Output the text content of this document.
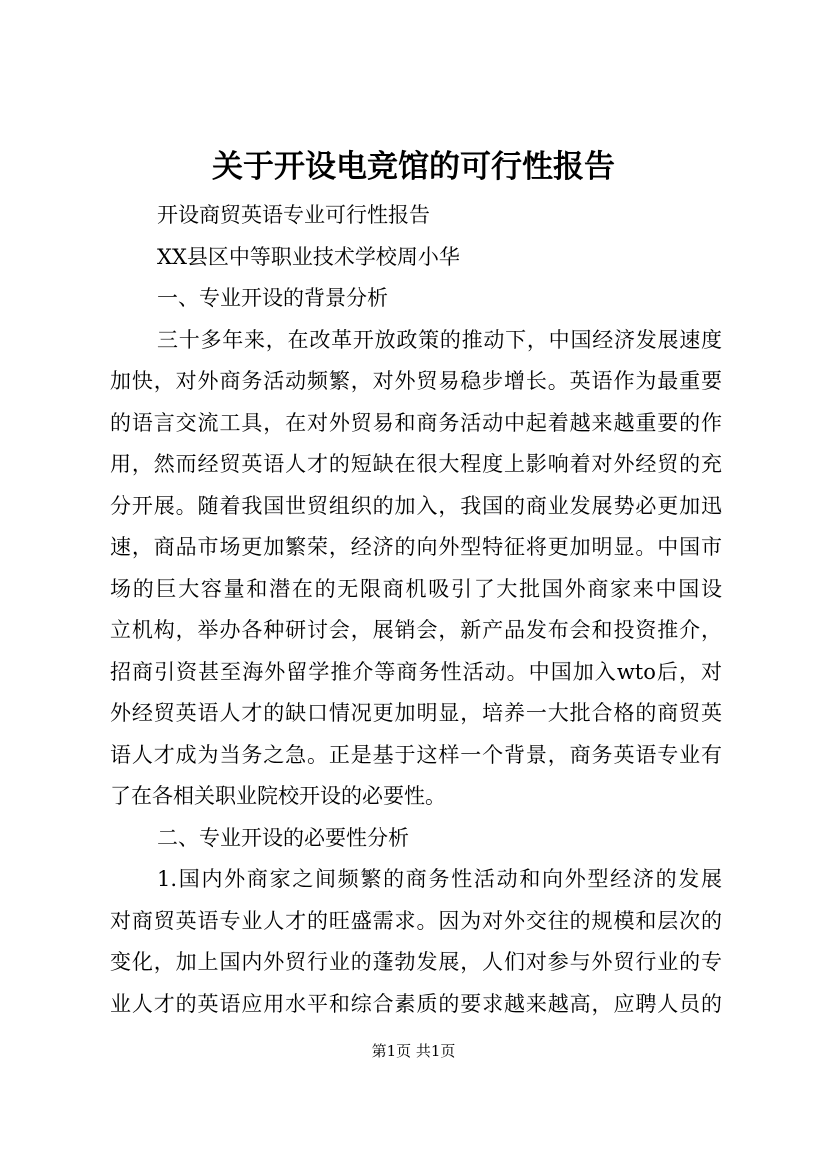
关于开设电竞馆的可行性报告
开设商贸英语专业可行性报告
XX县区中等职业技术学校周小华
一、专业开设的背景分析
三十多年来，在改革开放政策的推动下，中国经济发展速度
加快，对外商务活动频繁，对外贸易稳步增长。英语作为最重要
的语言交流工具，在对外贸易和商务活动中起着越来越重要的作
用，然而经贸英语人才的短缺在很大程度上影响着对外经贸的充
分开展。随着我国世贸组织的加入，我国的商业发展势必更加迅
速，商品市场更加繁荣，经济的向外型特征将更加明显。中国市
场的巨大容量和潜在的无限商机吸引了大批国外商家来中国设
立机构，举办各种研讨会，展销会，新产品发布会和投资推介，
招商引资甚至海外留学推介等商务性活动。中国加入wto后，对
外经贸英语人才的缺口情况更加明显，培养一大批合格的商贸英
语人才成为当务之急。正是基于这样一个背景，商务英语专业有
了在各相关职业院校开设的必要性。
二、专业开设的必要性分析
1.国内外商家之间频繁的商务性活动和向外型经济的发展
对商贸英语专业人才的旺盛需求。因为对外交往的规模和层次的
变化，加上国内外贸行业的蓬勃发展，人们对参与外贸行业的专
业人才的英语应用水平和综合素质的要求越来越高，应聘人员的
第1页 共1页
